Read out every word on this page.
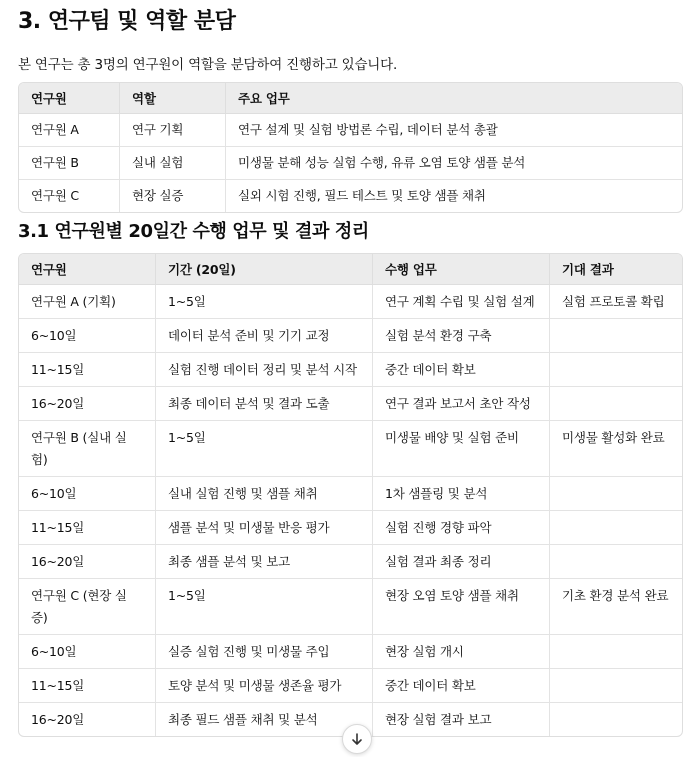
3. 연구팀 및 역할 분담
본 연구는 총 3명의 연구원이 역할을 분담하여 진행하고 있습니다.
연구원	역할	주요 업무
연구원 A	연구 기획	연구 설계 및 실험 방법론 수립, 데이터 분석 총괄
연구원 B	실내 실험	미생물 분해 성능 실험 수행, 유류 오염 토양 샘플 분석
연구원 C	현장 실증	실외 시험 진행, 필드 테스트 및 토양 샘플 채취
3.1 연구원별 20일간 수행 업무 및 결과 정리
연구원	기간 (20일)	수행 업무	기대 결과
연구원 A (기획)	1~5일	연구 계획 수립 및 실험 설계	실험 프로토콜 확립
6~10일	데이터 분석 준비 및 기기 교정	실험 분석 환경 구축	
11~15일	실험 진행 데이터 정리 및 분석 시작	중간 데이터 확보	
16~20일	최종 데이터 분석 및 결과 도출	연구 결과 보고서 초안 작성	
연구원 B (실내 실험)	1~5일	미생물 배양 및 실험 준비	미생물 활성화 완료
6~10일	실내 실험 진행 및 샘플 채취	1차 샘플링 및 분석	
11~15일	샘플 분석 및 미생물 반응 평가	실험 진행 경향 파악	
16~20일	최종 샘플 분석 및 보고	실험 결과 최종 정리	
연구원 C (현장 실증)	1~5일	현장 오염 토양 샘플 채취	기초 환경 분석 완료
6~10일	실증 실험 진행 및 미생물 주입	현장 실험 개시	
11~15일	토양 분석 및 미생물 생존율 평가	중간 데이터 확보	
16~20일	최종 필드 샘플 채취 및 분석	현장 실험 결과 보고	
